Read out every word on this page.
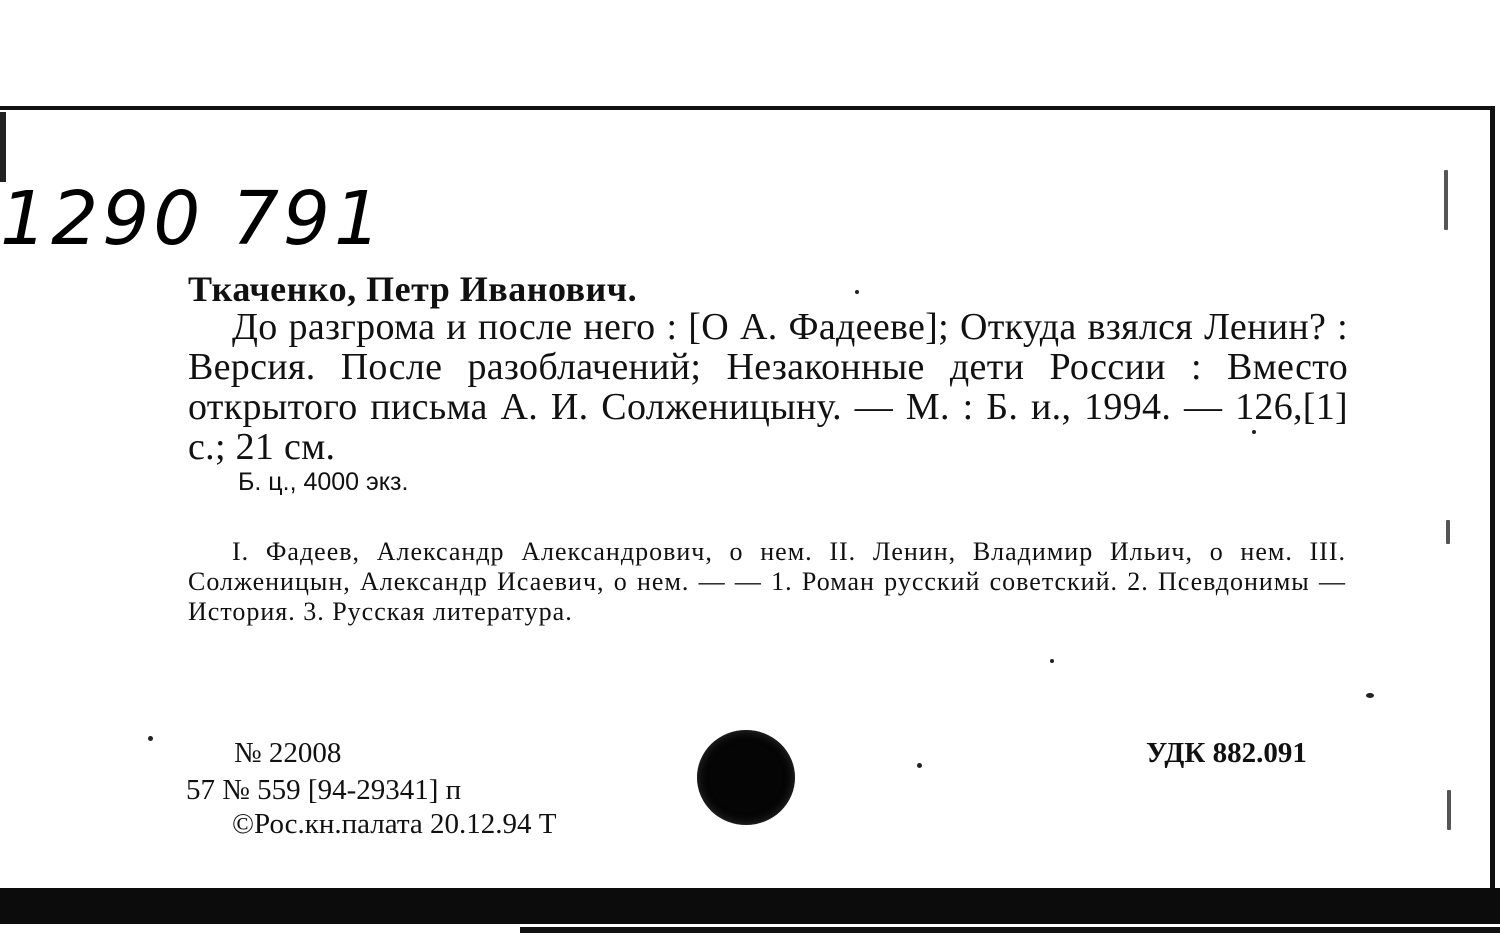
1290 791

Ткаченко, Петр Иванович.

До разгрома и после него : [О А. Фадееве]; Откуда взялся Ленин? : Версия. После разоблачений; Незаконные дети России : Вместо открытого письма А. И. Солженицыну. — М. : Б. и., 1994. — 126,[1] с.; 21 см.

Б. ц., 4000 экз.

I. Фадеев, Александр Александрович, о нем. II. Ленин, Владимир Ильич, о нем. III. Солженицын, Александр Исаевич, о нем. — — 1. Роман русский советский. 2. Псевдонимы — История. 3. Русская литература.

№ 22008

57 № 559 [94-29341] п

©Рос.кн.палата 20.12.94 Т

УДК 882.091
